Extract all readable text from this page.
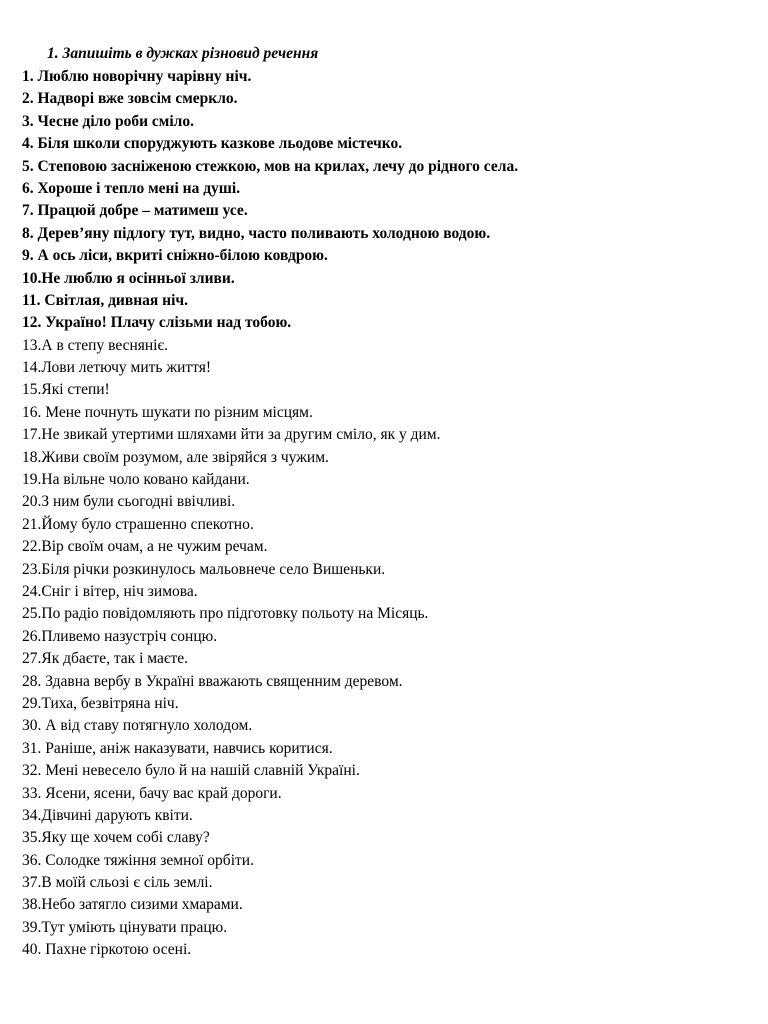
1. Запишіть в дужках різновид речення
1. Люблю новорічну чарівну ніч.
2. Надворі вже зовсім смеркло.
3. Чесне діло роби сміло.
4. Біля школи споруджують казкове льодове містечко.
5. Степовою засніженою стежкою, мов на крилах, лечу до рідного села.
6. Хороше і тепло мені на душі.
7. Працюй добре – матимеш усе.
8. Дерев’яну підлогу тут, видно, часто поливають холодною водою.
9. А ось ліси, вкриті сніжно-білою ковдрою.
10.Не люблю я осінньої зливи.
11. Світлая, дивная ніч.
12. Україно! Плачу слізьми над тобою.
13.А в степу весняніє.
14.Лови летючу мить життя!
15.Які степи!
16. Мене почнуть шукати по різним місцям.
17.Не звикай утертими шляхами йти за другим сміло, як у дим.
18.Живи своїм розумом, але звіряйся з чужим.
19.На вільне чоло ковано кайдани.
20.З ним були сьогодні ввічливі.
21.Йому було страшенно спекотно.
22.Вір своїм очам, а не чужим речам.
23.Біля річки розкинулось мальовнече село Вишеньки.
24.Сніг і вітер, ніч зимова.
25.По радіо повідомляють про підготовку польоту на Місяць.
26.Пливемо назустріч сонцю.
27.Як дбаєте, так і маєте.
28. Здавна вербу в Україні вважають священним деревом.
29.Тиха, безвітряна ніч.
30. А від ставу потягнуло холодом.
31. Раніше, аніж наказувати, навчись коритися.
32. Мені невесело було й на нашій славній Україні.
33. Ясени, ясени, бачу вас край дороги.
34.Дівчині дарують квіти.
35.Яку ще хочем собі славу?
36. Солодке тяжіння земної орбіти.
37.В моїй сльозі є сіль землі.
38.Небо затягло сизими хмарами.
39.Тут уміють цінувати працю.
40. Пахне гіркотою осені.
